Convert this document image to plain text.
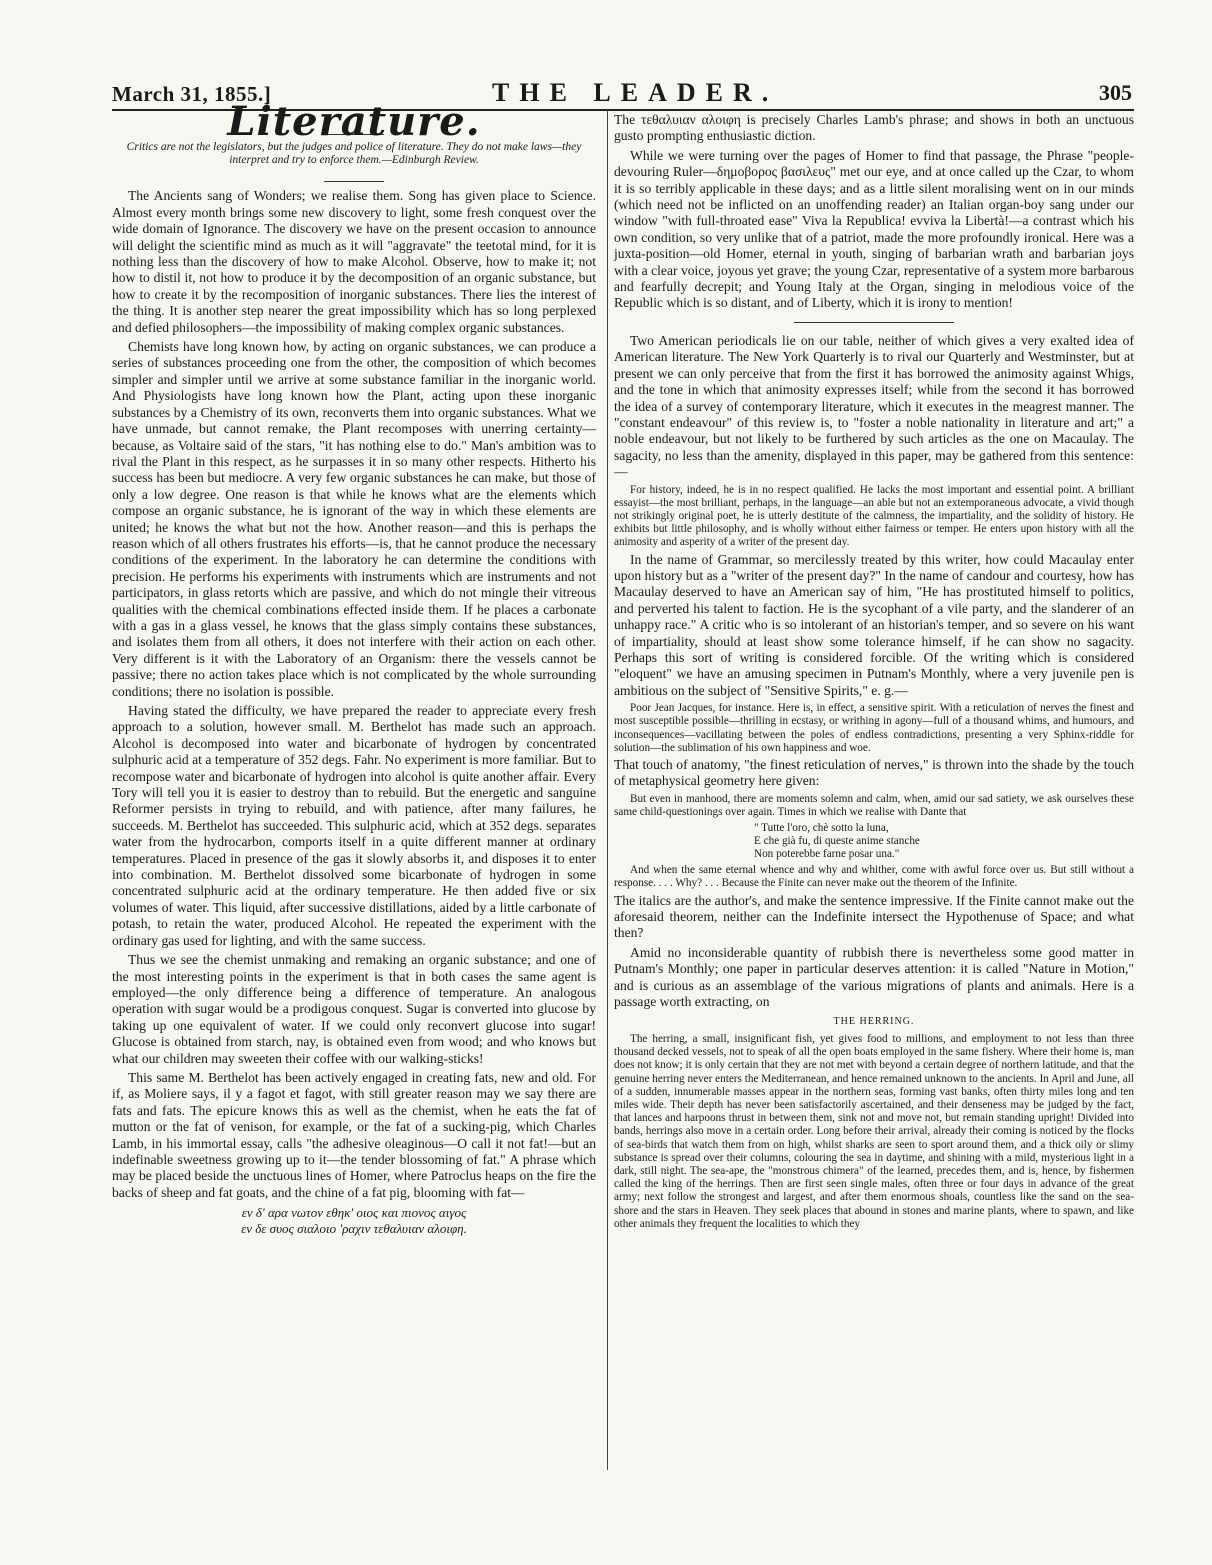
March 31, 1855.]	THE LEADER.	305
Literature.
Critics are not the legislators, but the judges and police of literature. They do not make laws—they interpret and try to enforce them.—Edinburgh Review.

The Ancients sang of Wonders; we realise them. Song has given place to Science. Almost every month brings some new discovery to light, some fresh conquest over the wide domain of Ignorance. The discovery we have on the present occasion to announce will delight the scientific mind as much as it will "aggravate" the teetotal mind, for it is nothing less than the discovery of how to make Alcohol. Observe, how to make it; not how to distil it, not how to produce it by the decomposition of an organic substance, but how to create it by the recomposition of inorganic substances. There lies the interest of the thing. It is another step nearer the great impossibility which has so long perplexed and defied philosophers—the impossibility of making complex organic substances.

Chemists have long known how, by acting on organic substances, we can produce a series of substances proceeding one from the other, the composition of which becomes simpler and simpler until we arrive at some substance familiar in the inorganic world. And Physiologists have long known how the Plant, acting upon these inorganic substances by a Chemistry of its own, reconverts them into organic substances. What we have unmade, but cannot remake, the Plant recomposes with unerring certainty—because, as Voltaire said of the stars, "it has nothing else to do." Man's ambition was to rival the Plant in this respect, as he surpasses it in so many other respects. Hitherto his success has been but mediocre. A very few organic substances he can make, but those of only a low degree. One reason is that while he knows what are the elements which compose an organic substance, he is ignorant of the way in which these elements are united; he knows the what but not the how. Another reason—and this is perhaps the reason which of all others frustrates his efforts—is, that he cannot produce the necessary conditions of the experiment. In the laboratory he can determine the conditions with precision. He performs his experiments with instruments which are instruments and not participators, in glass retorts which are passive, and which do not mingle their vitreous qualities with the chemical combinations effected inside them. If he places a carbonate with a gas in a glass vessel, he knows that the glass simply contains these substances, and isolates them from all others, it does not interfere with their action on each other. Very different is it with the Laboratory of an Organism: there the vessels cannot be passive; there no action takes place which is not complicated by the whole surrounding conditions; there no isolation is possible.

Having stated the difficulty, we have prepared the reader to appreciate every fresh approach to a solution, however small. M. Berthelot has made such an approach. Alcohol is decomposed into water and bicarbonate of hydrogen by concentrated sulphuric acid at a temperature of 352 degs. Fahr. No experiment is more familiar. But to recompose water and bicarbonate of hydrogen into alcohol is quite another affair. Every Tory will tell you it is easier to destroy than to rebuild. But the energetic and sanguine Reformer persists in trying to rebuild, and with patience, after many failures, he succeeds. M. Berthelot has succeeded. This sulphuric acid, which at 352 degs. separates water from the hydrocarbon, comports itself in a quite different manner at ordinary temperatures. Placed in presence of the gas it slowly absorbs it, and disposes it to enter into combination. M. Berthelot dissolved some bicarbonate of hydrogen in some concentrated sulphuric acid at the ordinary temperature. He then added five or six volumes of water. This liquid, after successive distillations, aided by a little carbonate of potash, to retain the water, produced Alcohol. He repeated the experiment with the ordinary gas used for lighting, and with the same success.

Thus we see the chemist unmaking and remaking an organic substance; and one of the most interesting points in the experiment is that in both cases the same agent is employed—the only difference being a difference of temperature. An analogous operation with sugar would be a prodigous conquest. Sugar is converted into glucose by taking up one equivalent of water. If we could only reconvert glucose into sugar! Glucose is obtained from starch, nay, is obtained even from wood; and who knows but what our children may sweeten their coffee with our walking-sticks!

This same M. Berthelot has been actively engaged in creating fats, new and old. For if, as Moliere says, il y a fagot et fagot, with still greater reason may we say there are fats and fats. The epicure knows this as well as the chemist, when he eats the fat of mutton or the fat of venison, for example, or the fat of a sucking-pig, which Charles Lamb, in his immortal essay, calls "the adhesive oleaginous—O call it not fat!—but an indefinable sweetness growing up to it—the tender blossoming of fat." A phrase which may be placed beside the unctuous lines of Homer, where Patroclus heaps on the fire the backs of sheep and fat goats, and the chine of a fat pig, blooming with fat—

εν δ' αρα νωτον εθηκ' οιος και πιονος αιγος
εν δε συος σιαλοιο 'ραχιν τεθαλυιαν αλοιφη.

The τεθαλυιαν αλοιφη is precisely Charles Lamb's phrase; and shows in both an unctuous gusto prompting enthusiastic diction.

While we were turning over the pages of Homer to find that passage, the Phrase "people-devouring Ruler—δημοβορος βασιλευς" met our eye, and at once called up the Czar, to whom it is so terribly applicable in these days; and as a little silent moralising went on in our minds (which need not be inflicted on an unoffending reader) an Italian organ-boy sang under our window "with full-throated ease" Viva la Republica! evviva la Libertà!—a contrast which his own condition, so very unlike that of a patriot, made the more profoundly ironical. Here was a juxta-position—old Homer, eternal in youth, singing of barbarian wrath and barbarian joys with a clear voice, joyous yet grave; the young Czar, representative of a system more barbarous and fearfully decrepit; and Young Italy at the Organ, singing in melodious voice of the Republic which is so distant, and of Liberty, which it is irony to mention!

Two American periodicals lie on our table, neither of which gives a very exalted idea of American literature. The New York Quarterly is to rival our Quarterly and Westminster, but at present we can only perceive that from the first it has borrowed the animosity against Whigs, and the tone in which that animosity expresses itself; while from the second it has borrowed the idea of a survey of contemporary literature, which it executes in the meagrest manner. The "constant endeavour" of this review is, to "foster a noble nationality in literature and art;" a noble endeavour, but not likely to be furthered by such articles as the one on Macaulay. The sagacity, no less than the amenity, displayed in this paper, may be gathered from this sentence:—

For history, indeed, he is in no respect qualified. He lacks the most important and essential point. A brilliant essayist—the most brilliant, perhaps, in the language—an able but not an extemporaneous advocate, a vivid though not strikingly original poet, he is utterly destitute of the calmness, the impartiality, and the solidity of history. He exhibits but little philosophy, and is wholly without either fairness or temper. He enters upon history with all the animosity and asperity of a writer of the present day.

In the name of Grammar, so mercilessly treated by this writer, how could Macaulay enter upon history but as a "writer of the present day?" In the name of candour and courtesy, how has Macaulay deserved to have an American say of him, "He has prostituted himself to politics, and perverted his talent to faction. He is the sycophant of a vile party, and the slanderer of an unhappy race." A critic who is so intolerant of an historian's temper, and so severe on his want of impartiality, should at least show some tolerance himself, if he can show no sagacity. Perhaps this sort of writing is considered forcible. Of the writing which is considered "eloquent" we have an amusing specimen in Putnam's Monthly, where a very juvenile pen is ambitious on the subject of "Sensitive Spirits," e. g.—

Poor Jean Jacques, for instance. Here is, in effect, a sensitive spirit. With a reticulation of nerves the finest and most susceptible possible—thrilling in ecstasy, or writhing in agony—full of a thousand whims, and humours, and inconsequences—vacillating between the poles of endless contradictions, presenting a very Sphinx-riddle for solution—the sublimation of his own happiness and woe.

That touch of anatomy, "the finest reticulation of nerves," is thrown into the shade by the touch of metaphysical geometry here given:

But even in manhood, there are moments solemn and calm, when, amid our sad satiety, we ask ourselves these same child-questionings over again. Times in which we realise with Dante that

" Tutte l'oro, chè sotto la luna,
E che già fu, di queste anime stanche
Non poterebbe farne posar una."

And when the same eternal whence and why and whither, come with awful force over us. But still without a response. . . . Why? . . . Because the Finite can never make out the theorem of the Infinite.

The italics are the author's, and make the sentence impressive. If the Finite cannot make out the aforesaid theorem, neither can the Indefinite intersect the Hypothenuse of Space; and what then?

Amid no inconsiderable quantity of rubbish there is nevertheless some good matter in Putnam's Monthly; one paper in particular deserves attention: it is called "Nature in Motion," and is curious as an assemblage of the various migrations of plants and animals. Here is a passage worth extracting, on

THE HERRING.

The herring, a small, insignificant fish, yet gives food to millions, and employment to not less than three thousand decked vessels, not to speak of all the open boats employed in the same fishery. Where their home is, man does not know; it is only certain that they are not met with beyond a certain degree of northern latitude, and that the genuine herring never enters the Mediterranean, and hence remained unknown to the ancients. In April and June, all of a sudden, innumerable masses appear in the northern seas, forming vast banks, often thirty miles long and ten miles wide. Their depth has never been satisfactorily ascertained, and their denseness may be judged by the fact, that lances and harpoons thrust in between them, sink not and move not, but remain standing upright! Divided into bands, herrings also move in a certain order. Long before their arrival, already their coming is noticed by the flocks of sea-birds that watch them from on high, whilst sharks are seen to sport around them, and a thick oily or slimy substance is spread over their columns, colouring the sea in daytime, and shining with a mild, mysterious light in a dark, still night. The sea-ape, the "monstrous chimera" of the learned, precedes them, and is, hence, by fishermen called the king of the herrings. Then are first seen single males, often three or four days in advance of the great army; next follow the strongest and largest, and after them enormous shoals, countless like the sand on the sea-shore and the stars in Heaven. They seek places that abound in stones and marine plants, where to spawn, and like other animals they frequent the localities to which they
